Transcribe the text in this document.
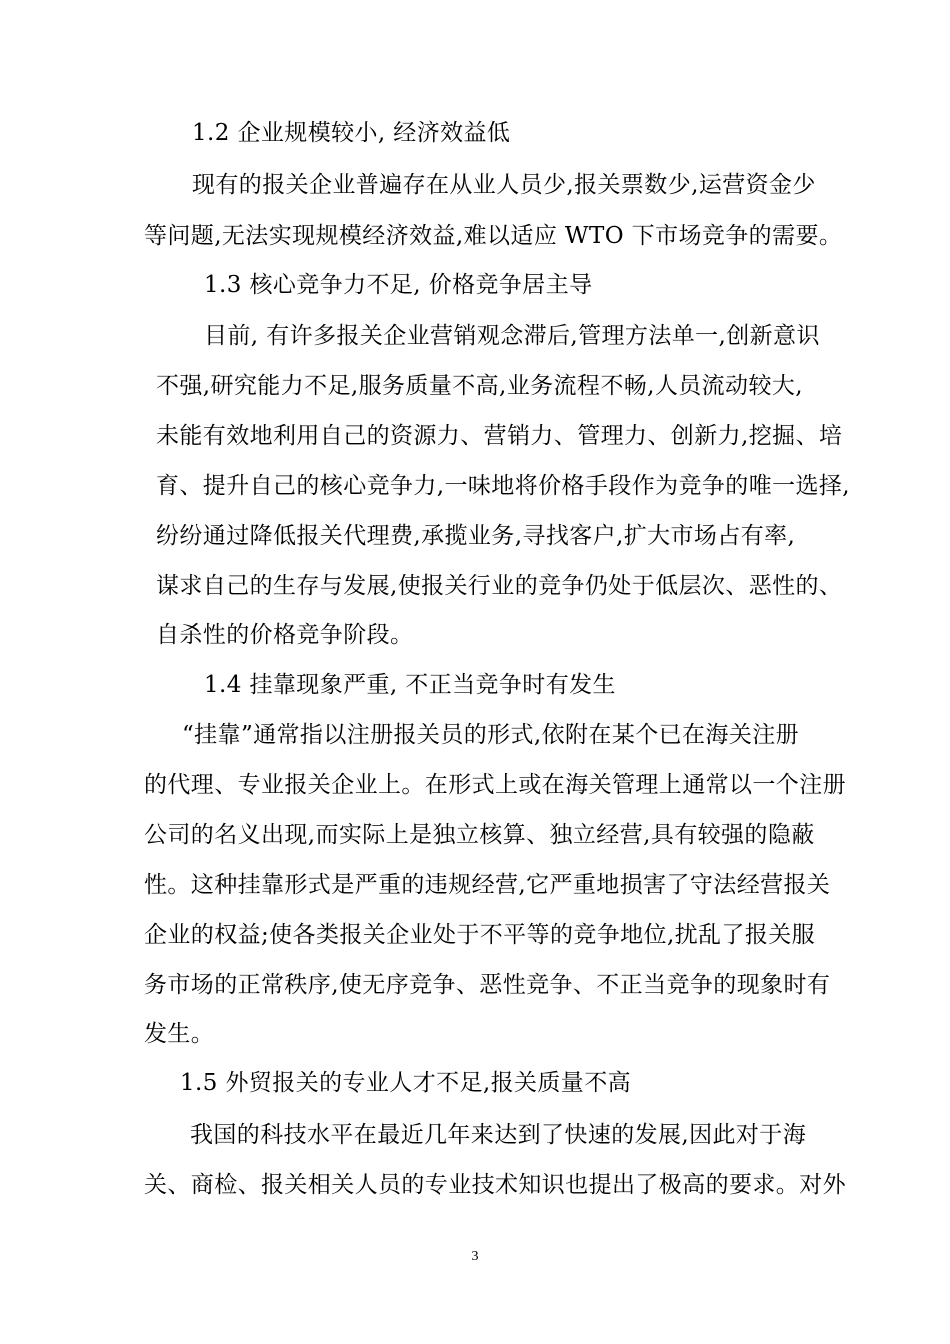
1.2 企业规模较小, 经济效益低

现有的报关企业普遍存在从业人员少,报关票数少,运营资金少

等问题,无法实现规模经济效益,难以适应 WTO 下市场竞争的需要。

1.3 核心竞争力不足, 价格竞争居主导

目前, 有许多报关企业营销观念滞后,管理方法单一,创新意识

不强,研究能力不足,服务质量不高,业务流程不畅,人员流动较大,

未能有效地利用自己的资源力、营销力、管理力、创新力,挖掘、培

育、提升自己的核心竞争力,一味地将价格手段作为竞争的唯一选择,

纷纷通过降低报关代理费,承揽业务,寻找客户,扩大市场占有率,

谋求自己的生存与发展,使报关行业的竞争仍处于低层次、恶性的、

自杀性的价格竞争阶段。

1.4 挂靠现象严重, 不正当竞争时有发生

“挂靠”通常指以注册报关员的形式,依附在某个已在海关注册

的代理、专业报关企业上。在形式上或在海关管理上通常以一个注册

公司的名义出现,而实际上是独立核算、独立经营,具有较强的隐蔽

性。这种挂靠形式是严重的违规经营,它严重地损害了守法经营报关

企业的权益;使各类报关企业处于不平等的竞争地位,扰乱了报关服

务市场的正常秩序,使无序竞争、恶性竞争、不正当竞争的现象时有

发生。

1.5 外贸报关的专业人才不足,报关质量不高

我国的科技水平在最近几年来达到了快速的发展,因此对于海

关、商检、报关相关人员的专业技术知识也提出了极高的要求。对外

3
